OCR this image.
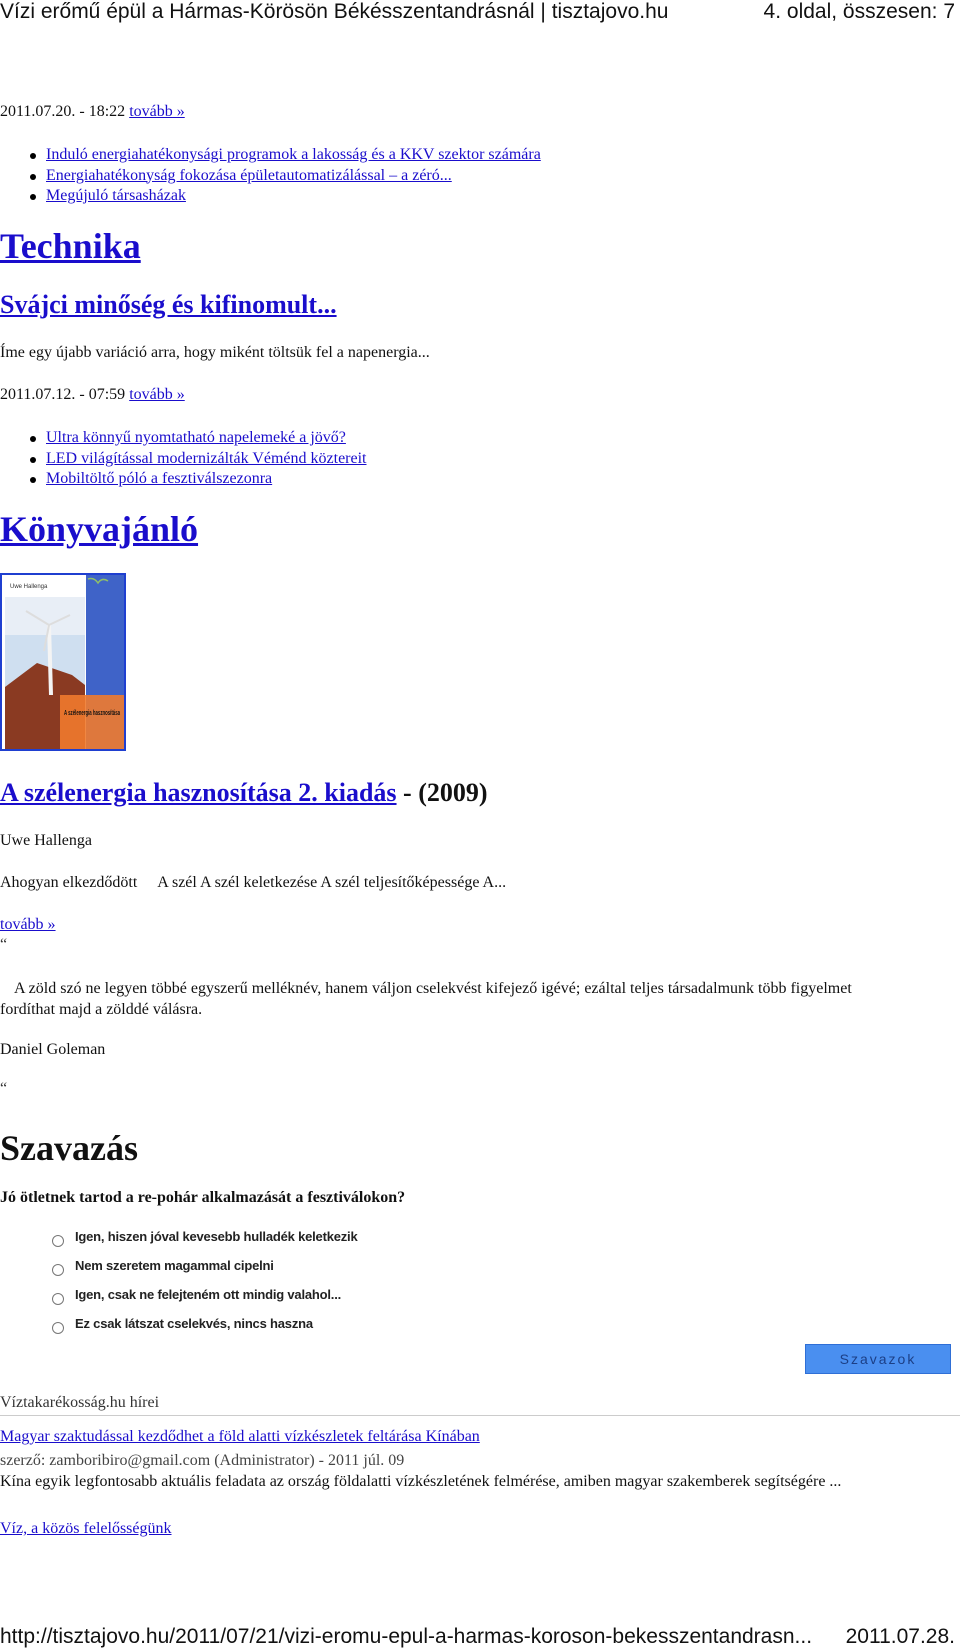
Vízi erőmű épül a Hármas-Körösön Békésszentandrásnál | tisztajovo.hu	4. oldal, összesen: 7
2011.07.20. - 18:22 tovább »
Induló energiahatékonysági programok a lakosság és a KKV szektor számára
Energiahatékonyság fokozása épületautomatizálással – a zéró...
Megújuló társasházak
Technika
Svájci minőség és kifinomult...
Íme egy újabb variáció arra, hogy miként töltsük fel a napenergia...
2011.07.12. - 07:59 tovább »
Ultra könnyű nyomtatható napelemeké a jövő?
LED világítással modernizálták Véménd köztereit
Mobiltöltő póló a fesztiválszezonra
Könyvajánló
Uwe Hallenga
A szélenergia hasznosítása
A szélenergia hasznosítása 2. kiadás - (2009)
Uwe Hallenga
Ahogyan elkezdődött A szél A szél keletkezése A szél teljesítőképessége A...
tovább »
“
A zöld szó ne legyen többé egyszerű melléknév, hanem váljon cselekvést kifejező igévé; ezáltal teljes társadalmunk több figyelmet fordíthat majd a zölddé válásra.
Daniel Goleman
“
Szavazás
Jó ötletnek tartod a re-pohár alkalmazását a fesztiválokon?
Igen, hiszen jóval kevesebb hulladék keletkezik
Nem szeretem magammal cipelni
Igen, csak ne felejteném ott mindig valahol...
Ez csak látszat cselekvés, nincs haszna
Szavazok
Víztakarékosság.hu hírei
Magyar szaktudással kezdődhet a föld alatti vízkészletek feltárása Kínában
szerző: zamboribiro@gmail.com (Administrator) - 2011 júl. 09
Kína egyik legfontosabb aktuális feladata az ország földalatti vízkészletének felmérése, amiben magyar szakemberek segítségére ...
Víz, a közös felelősségünk
http://tisztajovo.hu/2011/07/21/vizi-eromu-epul-a-harmas-koroson-bekesszentandrasn... 2011.07.28.
